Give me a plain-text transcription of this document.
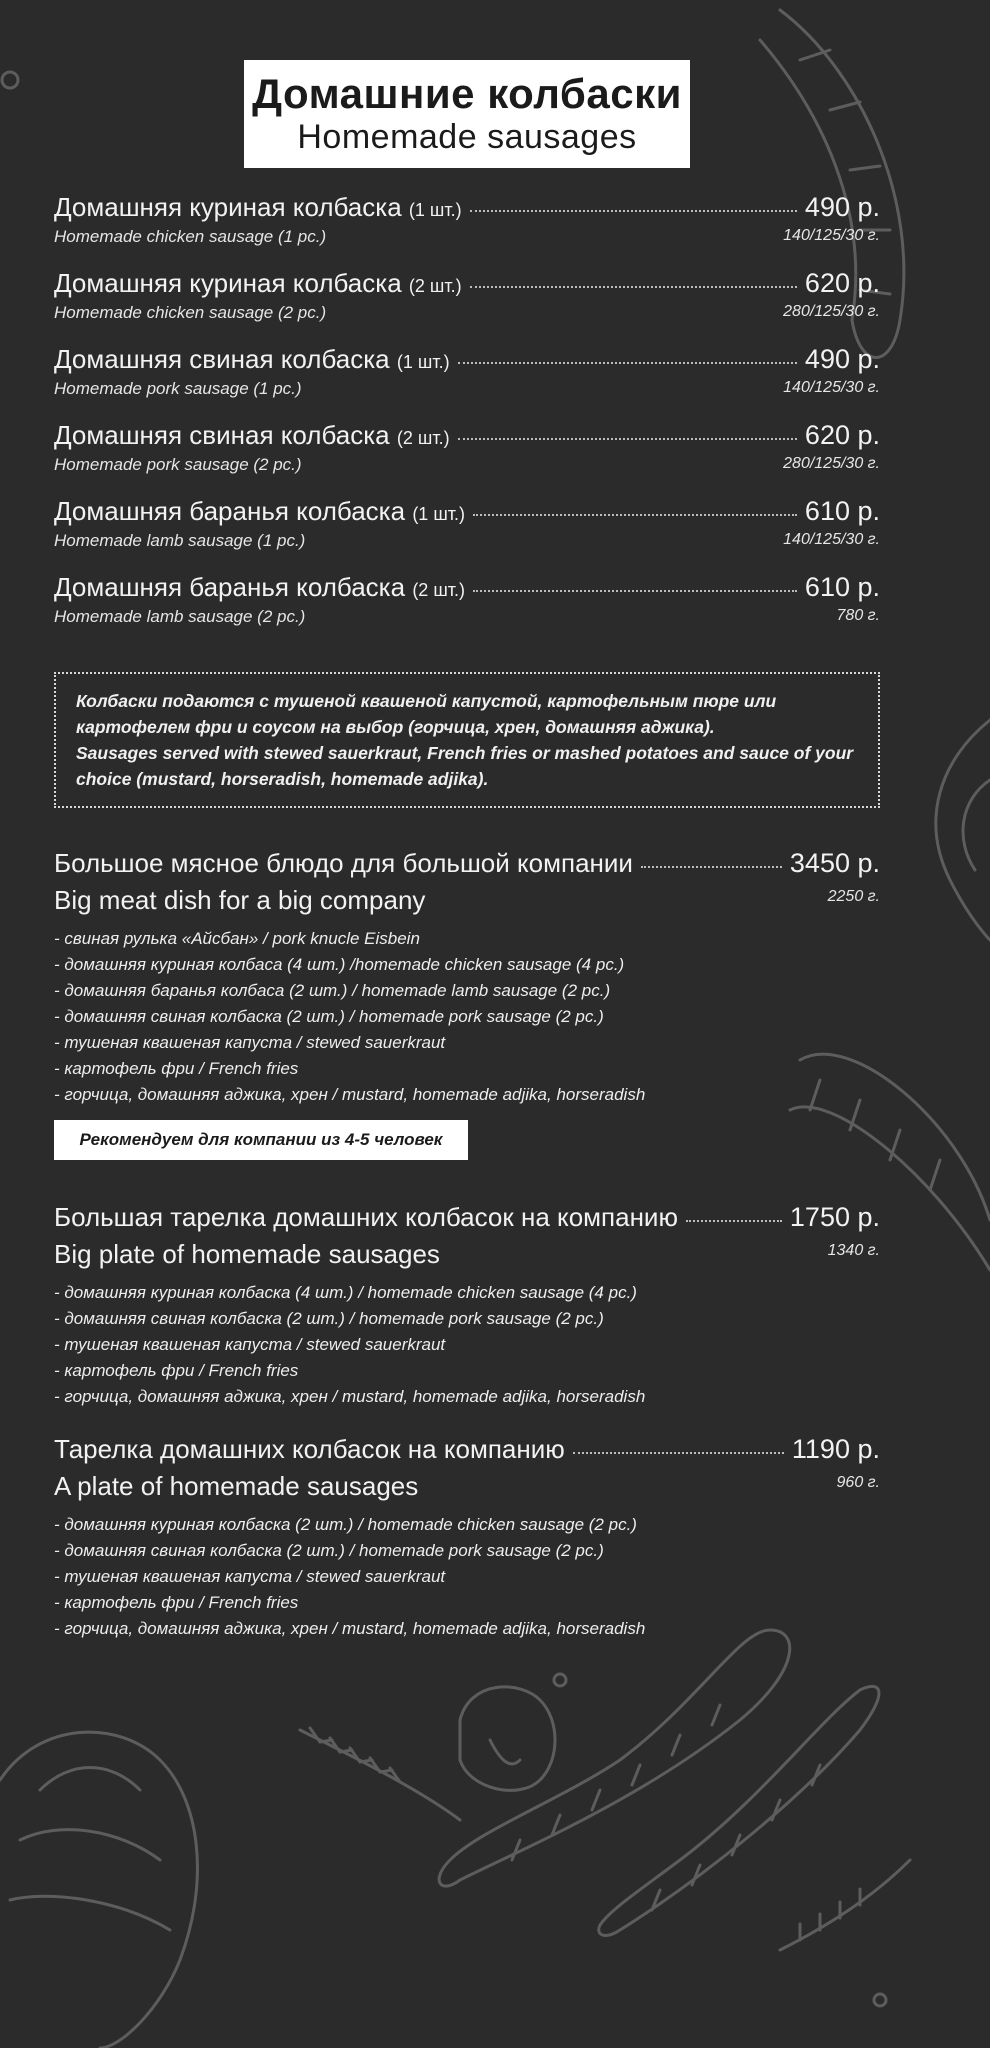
Домашние колбаски
Homemade sausages
Домашняя куриная колбаска (1 шт.)	490 р.
Homemade chicken sausage (1 pc.)	140/125/30 г.
Домашняя куриная колбаска (2 шт.)	620 р.
Homemade chicken sausage (2 pc.)	280/125/30 г.
Домашняя свиная колбаска (1 шт.)	490 р.
Homemade pork sausage (1 pc.)	140/125/30 г.
Домашняя свиная колбаска (2 шт.)	620 р.
Homemade pork sausage (2 pc.)	280/125/30 г.
Домашняя баранья колбаска (1 шт.)	610 р.
Homemade lamb sausage (1 pc.)	140/125/30 г.
Домашняя баранья колбаска (2 шт.)	610 р.
Homemade lamb sausage (2 pc.)	780 г.

Колбаски подаются с тушеной квашеной капустой, картофельным пюре или картофелем фри и соусом на выбор (горчица, хрен, домашняя аджика).

Sausages served with stewed sauerkraut, French fries or mashed potatoes and sauce of your choice (mustard, horseradish, homemade adjika).

Большое мясное блюдо для большой компании	3450 р.
2250 г.
Big meat dish for a big company
- свиная рулька «Айсбан» / pork knucle Eisbein
- домашняя куриная колбаса (4 шт.) /homemade chicken sausage (4 pc.)
- домашняя баранья колбаса (2 шт.) / homemade lamb sausage (2 pc.)
- домашняя свиная колбаска (2 шт.) / homemade pork sausage (2 pc.)
- тушеная квашеная капуста / stewed sauerkraut
- картофель фри / French fries
- горчица, домашняя аджика, хрен / mustard, homemade adjika, horseradish
Рекомендуем для компании из 4-5 человек
Большая тарелка домашних колбасок на компанию	1750 р.
1340 г.
Big plate of homemade sausages
- домашняя куриная колбаска (4 шт.) / homemade chicken sausage (4 pc.)
- домашняя свиная колбаска (2 шт.) / homemade pork sausage (2 pc.)
- тушеная квашеная капуста / stewed sauerkraut
- картофель фри / French fries
- горчица, домашняя аджика, хрен / mustard, homemade adjika, horseradish
Тарелка домашних колбасок на компанию	1190 р.
960 г.
A plate of homemade sausages
- домашняя куриная колбаска (2 шт.) / homemade chicken sausage (2 pc.)
- домашняя свиная колбаска (2 шт.) / homemade pork sausage (2 pc.)
- тушеная квашеная капуста / stewed sauerkraut
- картофель фри / French fries
- горчица, домашняя аджика, хрен / mustard, homemade adjika, horseradish
